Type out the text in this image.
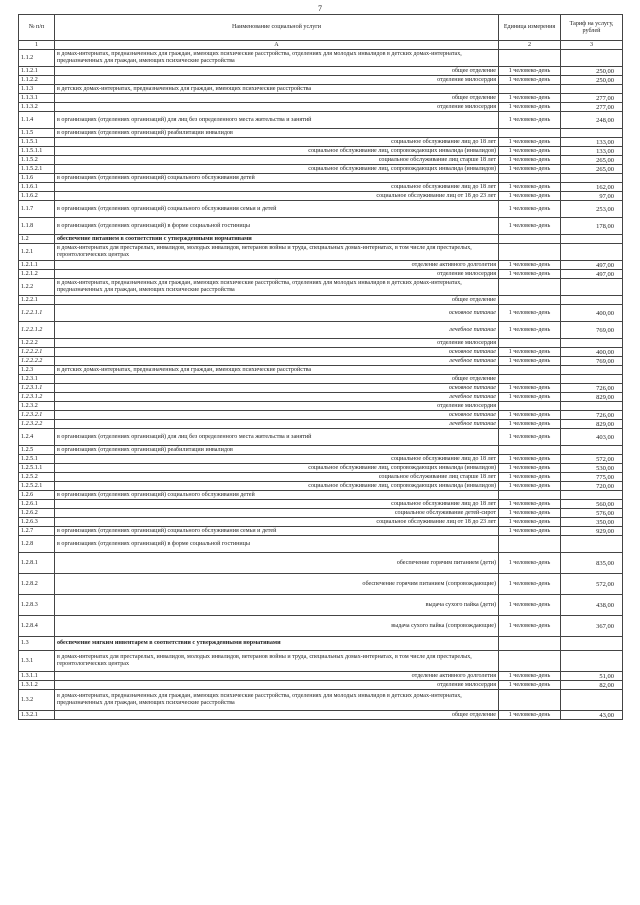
7
№ п/п	Наименование социальной услуги	Единица измерения	Тариф на услугу, рублей
1	А	2	3
1.1.2	в домах-интернатах, предназначенных для граждан, имеющих психические расстройства, отделениях для молодых инвалидов в детских домах-интернатах, предназначенных для граждан, имеющих психические расстройства		
1.1.2.1	общее отделение	1 человеко-день	250,00
1.1.2.2	отделение милосердия	1 человеко-день	250,00
1.1.3	в детских домах-интернатах, предназначенных для граждан, имеющих психические расстройства		
1.1.3.1	общее отделение	1 человеко-день	277,00
1.1.3.2	отделение милосердия	1 человеко-день	277,00
1.1.4	в организациях (отделениях организаций) для лиц без определенного места жительства и занятий	1 человеко-день	248,00
1.1.5	в организациях (отделениях организаций) реабилитации инвалидов		
1.1.5.1	социальное обслуживание лиц до 18 лет	1 человеко-день	133,00
1.1.5.1.1	социальное обслуживание лиц, сопровождающих инвалида (инвалидов)	1 человеко-день	133,00
1.1.5.2	социальное обслуживание лиц старше 18 лет	1 человеко-день	265,00
1.1.5.2.1	социальное обслуживание лиц, сопровождающих инвалида (инвалидов)	1 человеко-день	265,00
1.1.6	в организациях (отделениях организаций) социального обслуживания детей		
1.1.6.1	социальное обслуживание лиц до 18 лет	1 человеко-день	162,00
1.1.6.2	социальное обслуживание лиц от 18 до 23 лет	1 человеко-день	97,00
1.1.7	в организациях (отделениях организаций) социального обслуживания семьи и детей	1 человеко-день	253,00
1.1.8	в организациях (отделениях организаций) в форме социальной гостиницы	1 человеко-день	178,00
1.2	обеспечение питанием в соответствии с утвержденными нормативами		
1.2.1	в домах-интернатах для престарелых, инвалидов, молодых инвалидов, ветеранов войны и труда, специальных домах-интернатах, в том числе для престарелых, геронтологических центрах		
1.2.1.1	отделение активного долголетия	1 человеко-день	497,00
1.2.1.2	отделение милосердия	1 человеко-день	497,00
1.2.2	в домах-интернатах, предназначенных для граждан, имеющих психические расстройства, отделениях для молодых инвалидов в детских домах-интернатах, предназначенных для граждан, имеющих психические расстройства		
1.2.2.1	общее отделение		
1.2.2.1.1	основное питание	1 человеко-день	400,00
1.2.2.1.2	лечебное питание	1 человеко-день	769,00
1.2.2.2	отделение милосердия		
1.2.2.2.1	основное питание	1 человеко-день	400,00
1.2.2.2.2	лечебное питание	1 человеко-день	769,00
1.2.3	в детских домах-интернатах, предназначенных для граждан, имеющих психические расстройства		
1.2.3.1	общее отделение		
1.2.3.1.1	основное питание	1 человеко-день	726,00
1.2.3.1.2	лечебное питание	1 человеко-день	829,00
1.2.3.2	отделение милосердия		
1.2.3.2.1	основное питание	1 человеко-день	726,00
1.2.3.2.2	лечебное питание	1 человеко-день	829,00
1.2.4	в организациях (отделениях организаций) для лиц без определенного места жительства и занятий	1 человеко-день	403,00
1.2.5	в организациях (отделениях организаций) реабилитации инвалидов		
1.2.5.1	социальное обслуживание лиц до 18 лет	1 человеко-день	572,00
1.2.5.1.1	социальное обслуживание лиц, сопровождающих инвалида (инвалидов)	1 человеко-день	530,00
1.2.5.2	социальное обслуживание лиц старше 18 лет	1 человеко-день	775,00
1.2.5.2.1	социальное обслуживание лиц, сопровождающих инвалида (инвалидов)	1 человеко-день	720,00
1.2.6	в организациях (отделениях организаций) социального обслуживания детей		
1.2.6.1	социальное обслуживание лиц до 18 лет	1 человеко-день	560,00
1.2.6.2	социальное обслуживание детей-сирот	1 человеко-день	576,00
1.2.6.3	социальное обслуживание лиц от 18 до 23 лет	1 человеко-день	350,00
1.2.7	в организациях (отделениях организаций) социального обслуживания семьи и детей	1 человеко-день	929,00
1.2.8	в организациях (отделениях организаций) в форме социальной гостиницы		
1.2.8.1	обеспечение горячим питанием (дети)	1 человеко-день	835,00
1.2.8.2	обеспечение горячим питанием (сопровождающие)	1 человеко-день	572,00
1.2.8.3	выдача сухого пайка (дети)	1 человеко-день	438,00
1.2.8.4	выдача сухого пайка (сопровождающие)	1 человеко-день	367,00
1.3	обеспечение мягким инвентарем в соответствии с утвержденными нормативами		
1.3.1	в домах-интернатах для престарелых, инвалидов, молодых инвалидов, ветеранов войны и труда, специальных домах-интернатах, в том числе для престарелых, геронтологических центрах		
1.3.1.1	отделение активного долголетия	1 человеко-день	51,00
1.3.1.2	отделение милосердия	1 человеко-день	82,00
1.3.2	в домах-интернатах, предназначенных для граждан, имеющих психические расстройства, отделениях для молодых инвалидов в детских домах-интернатах, предназначенных для граждан, имеющих психические расстройства		
1.3.2.1	общее отделение	1 человеко-день	43,00
